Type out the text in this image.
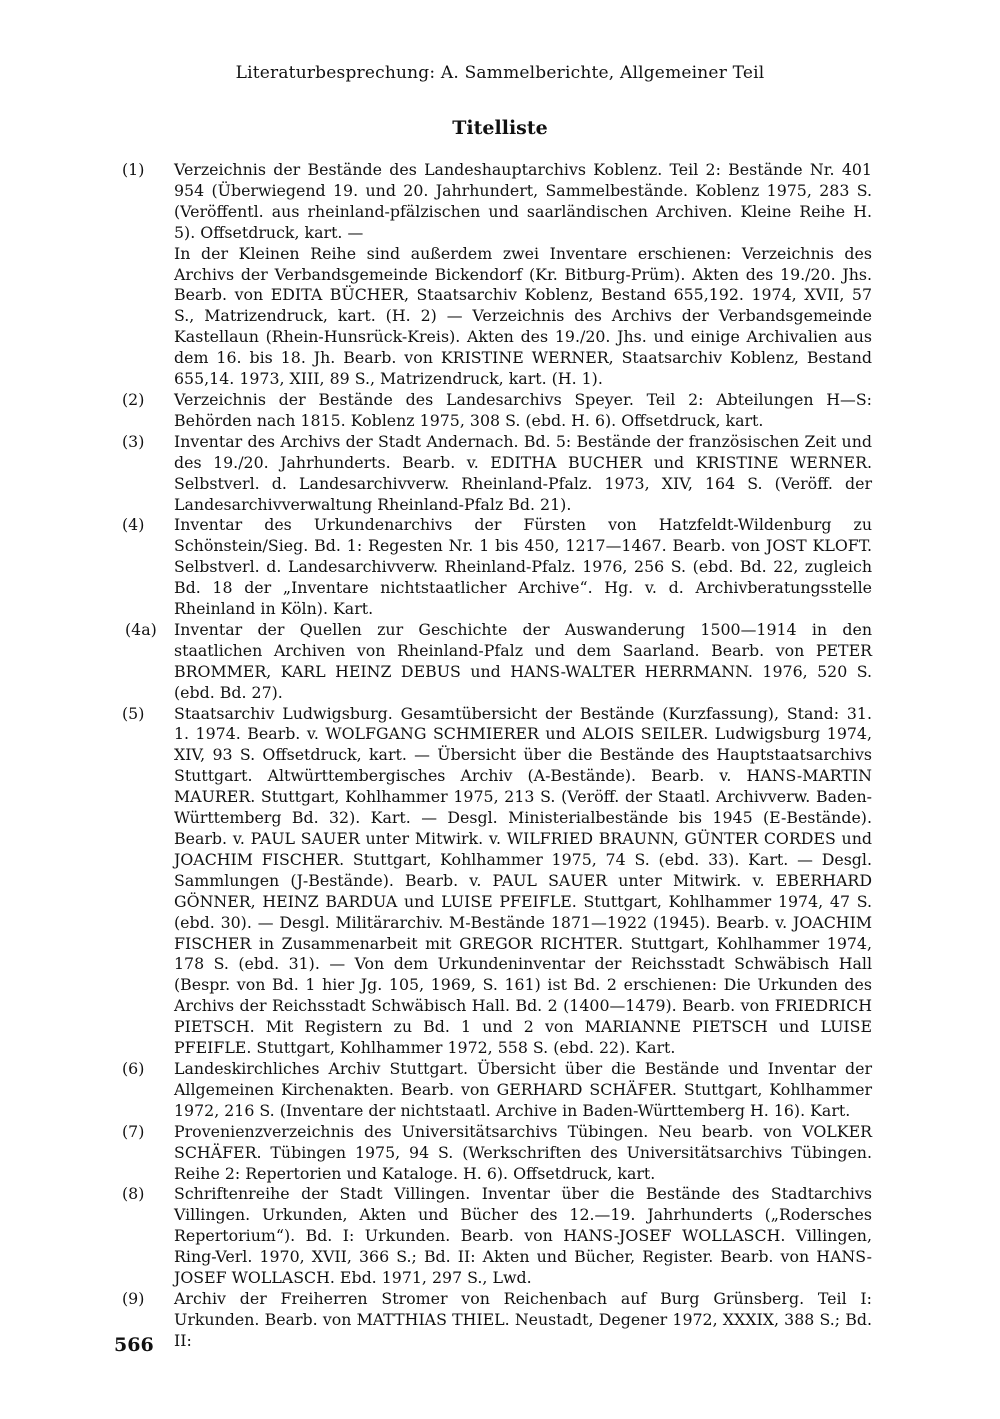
Literaturbesprechung: A. Sammelberichte, Allgemeiner Teil
Titelliste
(1) Verzeichnis der Bestände des Landeshauptarchivs Koblenz. Teil 2: Bestände Nr. 401 954 (Überwiegend 19. und 20. Jahrhundert, Sammelbestände. Koblenz 1975, 283 S. (Veröffentl. aus rheinland-pfälzischen und saarländischen Archiven. Kleine Reihe H. 5). Offsetdruck, kart. —

In der Kleinen Reihe sind außerdem zwei Inventare erschienen: Verzeichnis des Archivs der Verbandsgemeinde Bickendorf (Kr. Bitburg-Prüm). Akten des 19./20. Jhs. Bearb. von EDITA BÜCHER, Staatsarchiv Koblenz, Bestand 655,192. 1974, XVII, 57 S., Matrizendruck, kart. (H. 2) — Verzeichnis des Archivs der Verbandsgemeinde Kastellaun (Rhein-Hunsrück-Kreis). Akten des 19./20. Jhs. und einige Archivalien aus dem 16. bis 18. Jh. Bearb. von KRISTINE WERNER, Staatsarchiv Koblenz, Bestand 655,14. 1973, XIII, 89 S., Matrizendruck, kart. (H. 1).

(2) Verzeichnis der Bestände des Landesarchivs Speyer. Teil 2: Abteilungen H—S: Behörden nach 1815. Koblenz 1975, 308 S. (ebd. H. 6). Offsetdruck, kart.

(3) Inventar des Archivs der Stadt Andernach. Bd. 5: Bestände der französischen Zeit und des 19./20. Jahrhunderts. Bearb. v. EDITHA BUCHER und KRISTINE WERNER. Selbstverl. d. Landesarchivverw. Rheinland-Pfalz. 1973, XIV, 164 S. (Veröff. der Landesarchivverwaltung Rheinland-Pfalz Bd. 21).

(4) Inventar des Urkundenarchivs der Fürsten von Hatzfeldt-Wildenburg zu Schönstein/Sieg. Bd. 1: Regesten Nr. 1 bis 450, 1217—1467. Bearb. von JOST KLOFT. Selbstverl. d. Landesarchivverw. Rheinland-Pfalz. 1976, 256 S. (ebd. Bd. 22, zugleich Bd. 18 der „Inventare nichtstaatlicher Archive“. Hg. v. d. Archivberatungsstelle Rheinland in Köln). Kart.

(4a) Inventar der Quellen zur Geschichte der Auswanderung 1500—1914 in den staatlichen Archiven von Rheinland-Pfalz und dem Saarland. Bearb. von PETER BROMMER, KARL HEINZ DEBUS und HANS-WALTER HERRMANN. 1976, 520 S. (ebd. Bd. 27).

(5) Staatsarchiv Ludwigsburg. Gesamtübersicht der Bestände (Kurzfassung), Stand: 31. 1. 1974. Bearb. v. WOLFGANG SCHMIERER und ALOIS SEILER. Ludwigsburg 1974, XIV, 93 S. Offsetdruck, kart. — Übersicht über die Bestände des Hauptstaatsarchivs Stuttgart. Altwürttembergisches Archiv (A-Bestände). Bearb. v. HANS-MARTIN MAURER. Stuttgart, Kohlhammer 1975, 213 S. (Veröff. der Staatl. Archivverw. Baden-Württemberg Bd. 32). Kart. — Desgl. Ministerialbestände bis 1945 (E-Bestände). Bearb. v. PAUL SAUER unter Mitwirk. v. WILFRIED BRAUNN, GÜNTER CORDES und JOACHIM FISCHER. Stuttgart, Kohlhammer 1975, 74 S. (ebd. 33). Kart. — Desgl. Sammlungen (J-Bestände). Bearb. v. PAUL SAUER unter Mitwirk. v. EBERHARD GÖNNER, HEINZ BARDUA und LUISE PFEIFLE. Stuttgart, Kohlhammer 1974, 47 S. (ebd. 30). — Desgl. Militärarchiv. M-Bestände 1871—1922 (1945). Bearb. v. JOACHIM FISCHER in Zusammenarbeit mit GREGOR RICHTER. Stuttgart, Kohlhammer 1974, 178 S. (ebd. 31). — Von dem Urkundeninventar der Reichsstadt Schwäbisch Hall (Bespr. von Bd. 1 hier Jg. 105, 1969, S. 161) ist Bd. 2 erschienen: Die Urkunden des Archivs der Reichsstadt Schwäbisch Hall. Bd. 2 (1400—1479). Bearb. von FRIEDRICH PIETSCH. Mit Registern zu Bd. 1 und 2 von MARIANNE PIETSCH und LUISE PFEIFLE. Stuttgart, Kohlhammer 1972, 558 S. (ebd. 22). Kart.

(6) Landeskirchliches Archiv Stuttgart. Übersicht über die Bestände und Inventar der Allgemeinen Kirchenakten. Bearb. von GERHARD SCHÄFER. Stuttgart, Kohlhammer 1972, 216 S. (Inventare der nichtstaatl. Archive in Baden-Württemberg H. 16). Kart.

(7) Provenienzverzeichnis des Universitätsarchivs Tübingen. Neu bearb. von VOLKER SCHÄFER. Tübingen 1975, 94 S. (Werkschriften des Universitätsarchivs Tübingen. Reihe 2: Repertorien und Kataloge. H. 6). Offsetdruck, kart.

(8) Schriftenreihe der Stadt Villingen. Inventar über die Bestände des Stadtarchivs Villingen. Urkunden, Akten und Bücher des 12.—19. Jahrhunderts („Rodersches Repertorium“). Bd. I: Urkunden. Bearb. von HANS-JOSEF WOLLASCH. Villingen, Ring-Verl. 1970, XVII, 366 S.; Bd. II: Akten und Bücher, Register. Bearb. von HANS-JOSEF WOLLASCH. Ebd. 1971, 297 S., Lwd.

(9) Archiv der Freiherren Stromer von Reichenbach auf Burg Grünsberg. Teil I: Urkunden. Bearb. von MATTHIAS THIEL. Neustadt, Degener 1972, XXXIX, 388 S.; Bd. II:

566
